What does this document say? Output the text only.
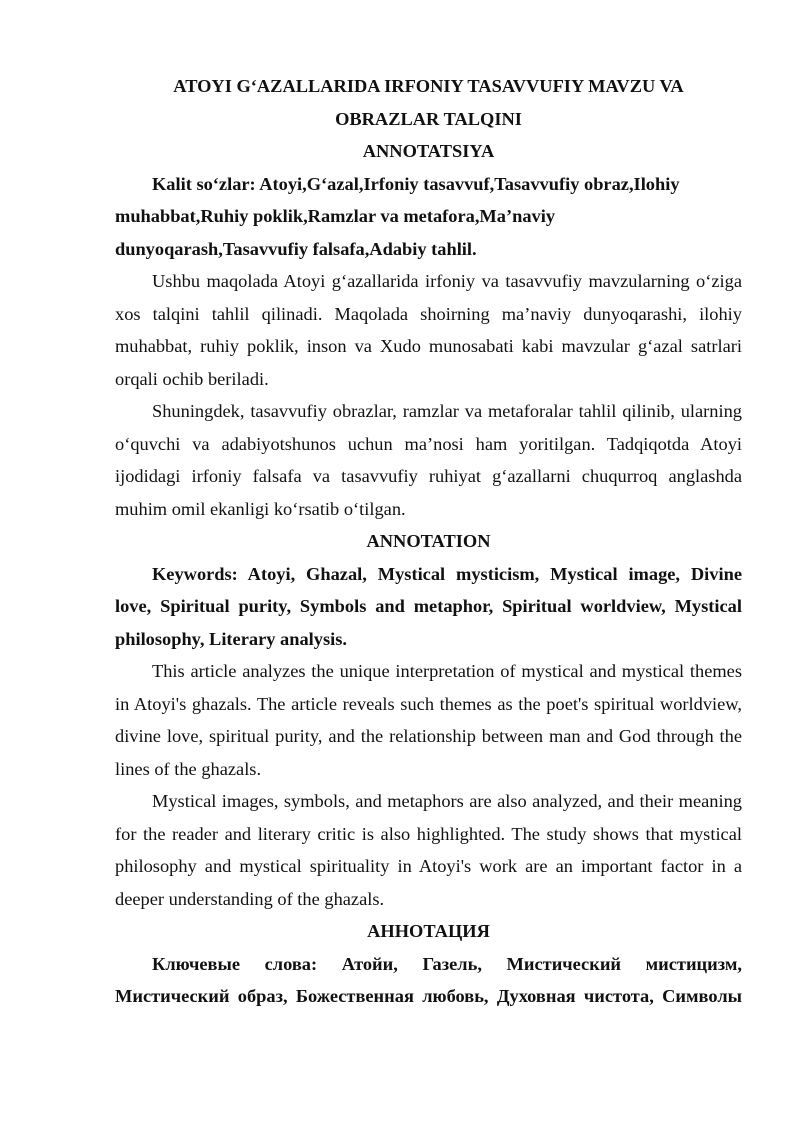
ATOYI G‘AZALLARIDA IRFONIY TASAVVUFIY MAVZU VA
OBRAZLAR TALQINI
ANNOTATSIYA
Kalit so‘zlar: Atoyi,G‘azal,Irfoniy tasavvuf,Tasavvufiy obraz,Ilohiy
muhabbat,Ruhiy poklik,Ramzlar va metafora,Ma’naviy
dunyoqarash,Tasavvufiy falsafa,Adabiy tahlil.
Ushbu maqolada Atoyi g‘azallarida irfoniy va tasavvufiy mavzularning o‘ziga
xos talqini tahlil qilinadi. Maqolada shoirning ma’naviy dunyoqarashi, ilohiy
muhabbat, ruhiy poklik, inson va Xudo munosabati kabi mavzular g‘azal satrlari
orqali ochib beriladi.
Shuningdek, tasavvufiy obrazlar, ramzlar va metaforalar tahlil qilinib, ularning
o‘quvchi va adabiyotshunos uchun ma’nosi ham yoritilgan. Tadqiqotda Atoyi
ijodidagi irfoniy falsafa va tasavvufiy ruhiyat g‘azallarni chuqurroq anglashda
muhim omil ekanligi ko‘rsatib o‘tilgan.
ANNOTATION
Keywords: Atoyi, Ghazal, Mystical mysticism, Mystical image, Divine
love, Spiritual purity, Symbols and metaphor, Spiritual worldview, Mystical
philosophy, Literary analysis.
This article analyzes the unique interpretation of mystical and mystical themes
in Atoyi's ghazals. The article reveals such themes as the poet's spiritual worldview,
divine love, spiritual purity, and the relationship between man and God through the
lines of the ghazals.
Mystical images, symbols, and metaphors are also analyzed, and their meaning
for the reader and literary critic is also highlighted. The study shows that mystical
philosophy and mystical spirituality in Atoyi's work are an important factor in a
deeper understanding of the ghazals.
АННОТАЦИЯ
Ключевые слова: Атойи, Газель, Мистический мистицизм,
Мистический образ, Божественная любовь, Духовная чистота, Символы
